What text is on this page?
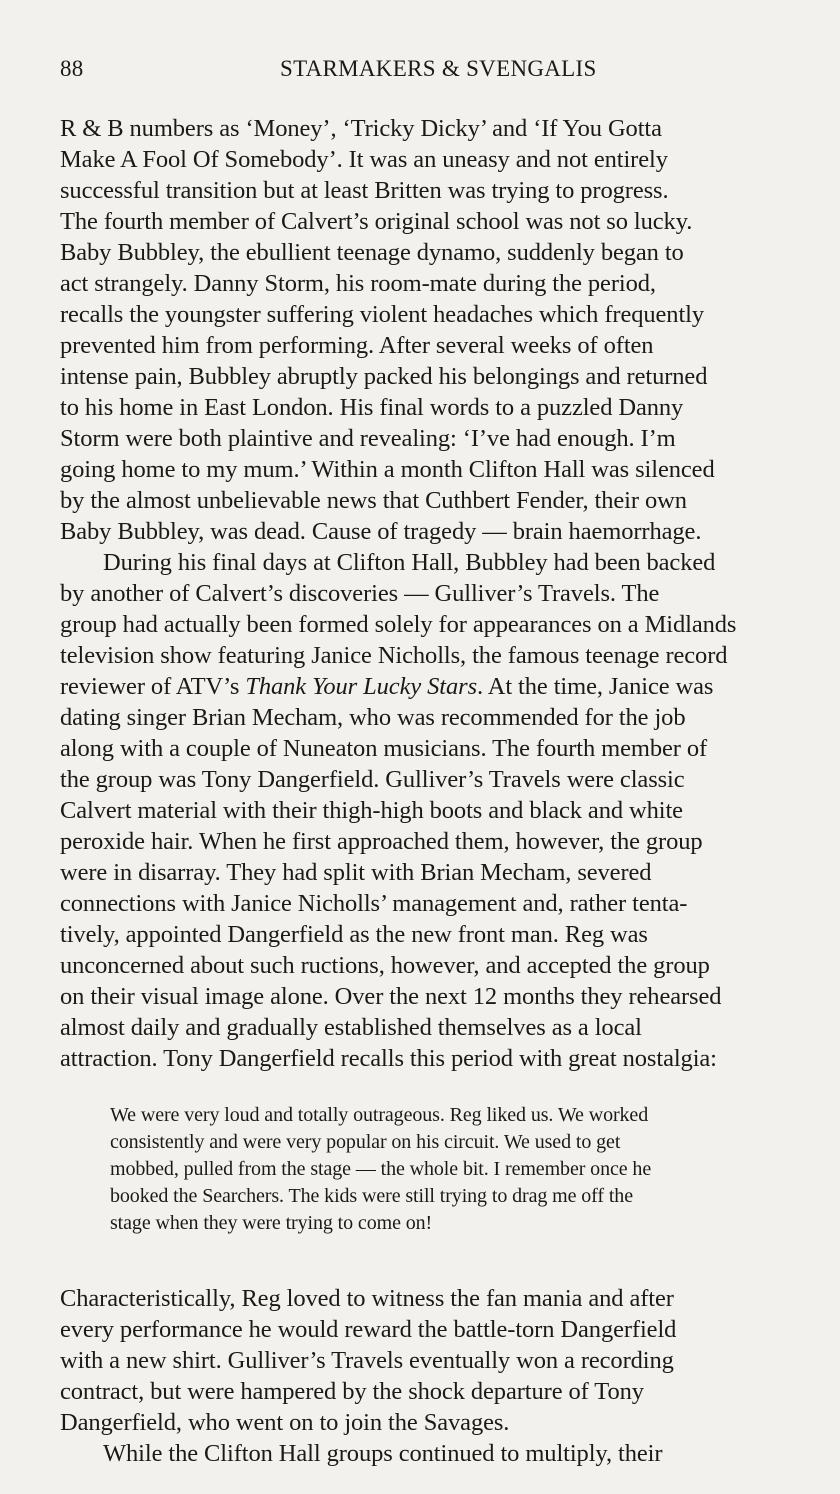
88	STARMAKERS & SVENGALIS
R & B numbers as ‘Money’, ‘Tricky Dicky’ and ‘If You Gotta
Make A Fool Of Somebody’. It was an uneasy and not entirely
successful transition but at least Britten was trying to progress.
The fourth member of Calvert’s original school was not so lucky.
Baby Bubbley, the ebullient teenage dynamo, suddenly began to
act strangely. Danny Storm, his room-mate during the period,
recalls the youngster suffering violent headaches which frequently
prevented him from performing. After several weeks of often
intense pain, Bubbley abruptly packed his belongings and returned
to his home in East London. His final words to a puzzled Danny
Storm were both plaintive and revealing: ‘I’ve had enough. I’m
going home to my mum.’ Within a month Clifton Hall was silenced
by the almost unbelievable news that Cuthbert Fender, their own
Baby Bubbley, was dead. Cause of tragedy — brain haemorrhage.
During his final days at Clifton Hall, Bubbley had been backed
by another of Calvert’s discoveries — Gulliver’s Travels. The
group had actually been formed solely for appearances on a Midlands
television show featuring Janice Nicholls, the famous teenage record
reviewer of ATV’s Thank Your Lucky Stars. At the time, Janice was
dating singer Brian Mecham, who was recommended for the job
along with a couple of Nuneaton musicians. The fourth member of
the group was Tony Dangerfield. Gulliver’s Travels were classic
Calvert material with their thigh-high boots and black and white
peroxide hair. When he first approached them, however, the group
were in disarray. They had split with Brian Mecham, severed
connections with Janice Nicholls’ management and, rather tenta-
tively, appointed Dangerfield as the new front man. Reg was
unconcerned about such ructions, however, and accepted the group
on their visual image alone. Over the next 12 months they rehearsed
almost daily and gradually established themselves as a local
attraction. Tony Dangerfield recalls this period with great nostalgia:
We were very loud and totally outrageous. Reg liked us. We worked
consistently and were very popular on his circuit. We used to get
mobbed, pulled from the stage — the whole bit. I remember once he
booked the Searchers. The kids were still trying to drag me off the
stage when they were trying to come on!
Characteristically, Reg loved to witness the fan mania and after
every performance he would reward the battle-torn Dangerfield
with a new shirt. Gulliver’s Travels eventually won a recording
contract, but were hampered by the shock departure of Tony
Dangerfield, who went on to join the Savages.
While the Clifton Hall groups continued to multiply, their
